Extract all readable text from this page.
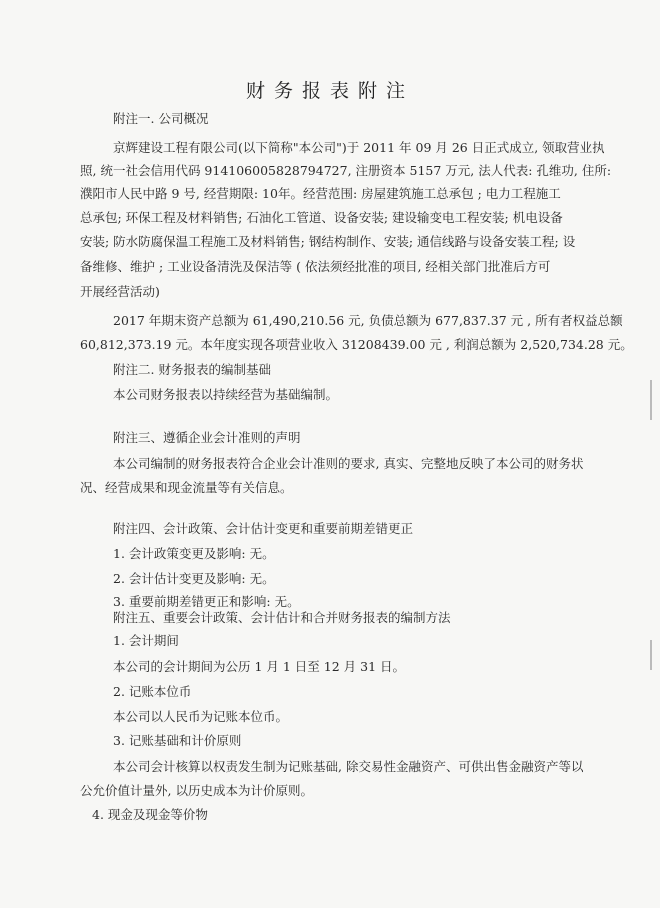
财务报表附注
附注一. 公司概况
京辉建设工程有限公司(以下简称"本公司")于 2011 年 09 月 26 日正式成立, 领取营业执
照, 统一社会信用代码 914106005828794727, 注册资本 5157 万元, 法人代表: 孔维功, 住所:
濮阳市人民中路 9 号, 经营期限: 10年。经营范围: 房屋建筑施工总承包 ; 电力工程施工
总承包; 环保工程及材料销售; 石油化工管道、设备安装; 建设输变电工程安装; 机电设备
安装; 防水防腐保温工程施工及材料销售; 钢结构制作、安装; 通信线路与设备安装工程; 设
备维修、维护 ; 工业设备清洗及保洁等 ( 依法须经批准的项目, 经相关部门批准后方可
开展经营活动)
2017 年期末资产总额为 61,490,210.56 元, 负债总额为 677,837.37 元 , 所有者权益总额
60,812,373.19 元。本年度实现各项营业收入 31208439.00 元 , 利润总额为 2,520,734.28 元。
附注二. 财务报表的编制基础
本公司财务报表以持续经营为基础编制。
附注三、遵循企业会计准则的声明
本公司编制的财务报表符合企业会计准则的要求, 真实、完整地反映了本公司的财务状
况、经营成果和现金流量等有关信息。
附注四、会计政策、会计估计变更和重要前期差错更正
1. 会计政策变更及影响: 无。
2. 会计估计变更及影响: 无。
3. 重要前期差错更正和影响: 无。
附注五、重要会计政策、会计估计和合并财务报表的编制方法
1. 会计期间
本公司的会计期间为公历 1 月 1 日至 12 月 31 日。
2. 记账本位币
本公司以人民币为记账本位币。
3. 记账基础和计价原则
本公司会计核算以权责发生制为记账基础, 除交易性金融资产、可供出售金融资产等以
公允价值计量外, 以历史成本为计价原则。
4. 现金及现金等价物
